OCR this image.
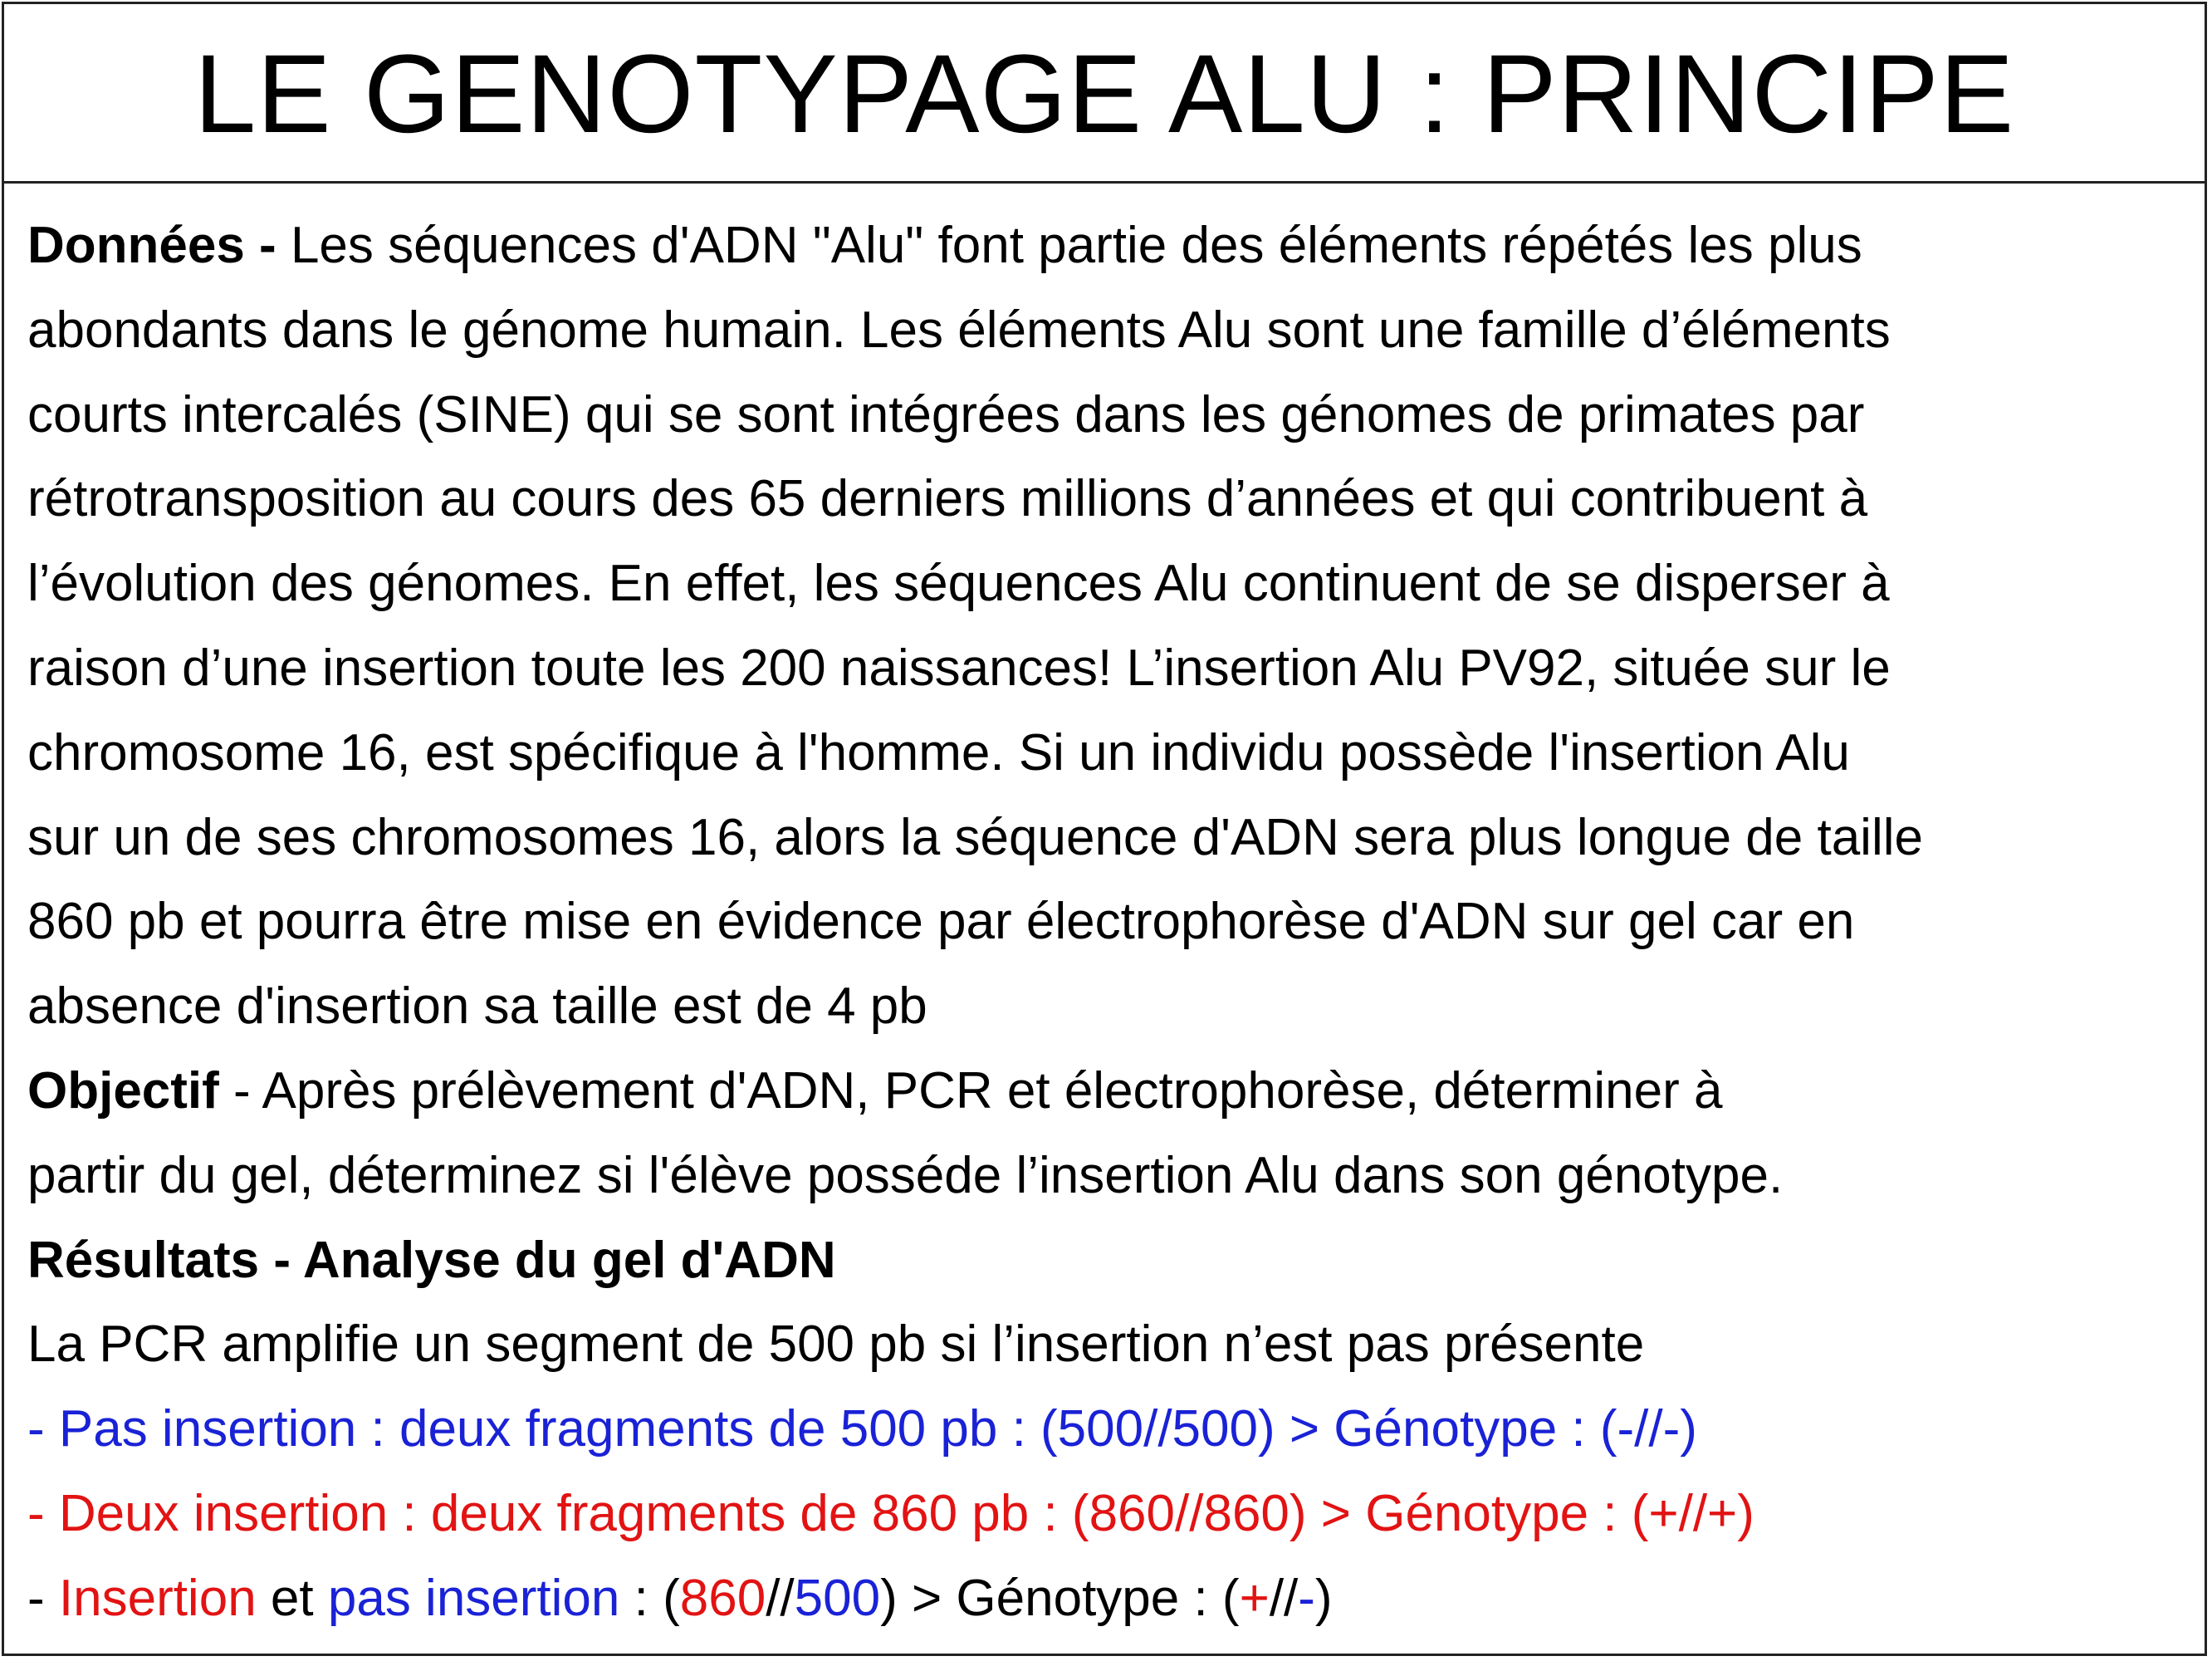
LE GENOTYPAGE ALU : PRINCIPE
Données - Les séquences d'ADN "Alu" font partie des éléments répétés les plus
abondants dans le génome humain. Les éléments Alu sont une famille d’éléments
courts intercalés (SINE) qui se sont intégrées dans les génomes de primates par
rétrotransposition au cours des 65 derniers millions d’années et qui contribuent à
l’évolution des génomes. En effet, les séquences Alu continuent de se disperser à
raison d’une insertion toute les 200 naissances! L’insertion Alu PV92, située sur le
chromosome 16, est spécifique à l'homme. Si un individu possède l'insertion Alu
sur un de ses chromosomes 16, alors la séquence d'ADN sera plus longue de taille
860 pb et pourra être mise en évidence par électrophorèse d'ADN sur gel car en
absence d'insertion sa taille est de 4 pb
Objectif - Après prélèvement d'ADN, PCR et électrophorèse, déterminer à
partir du gel, déterminez si l'élève posséde l’insertion Alu dans son génotype.
Résultats - Analyse du gel d'ADN
La PCR amplifie un segment de 500 pb si l’insertion n’est pas présente
- Pas insertion : deux fragments de 500 pb : (500//500) > Génotype : (-//-)
- Deux insertion : deux fragments de 860 pb : (860//860) > Génotype : (+//+)
- Insertion et pas insertion : (860//500) > Génotype : (+//-)
